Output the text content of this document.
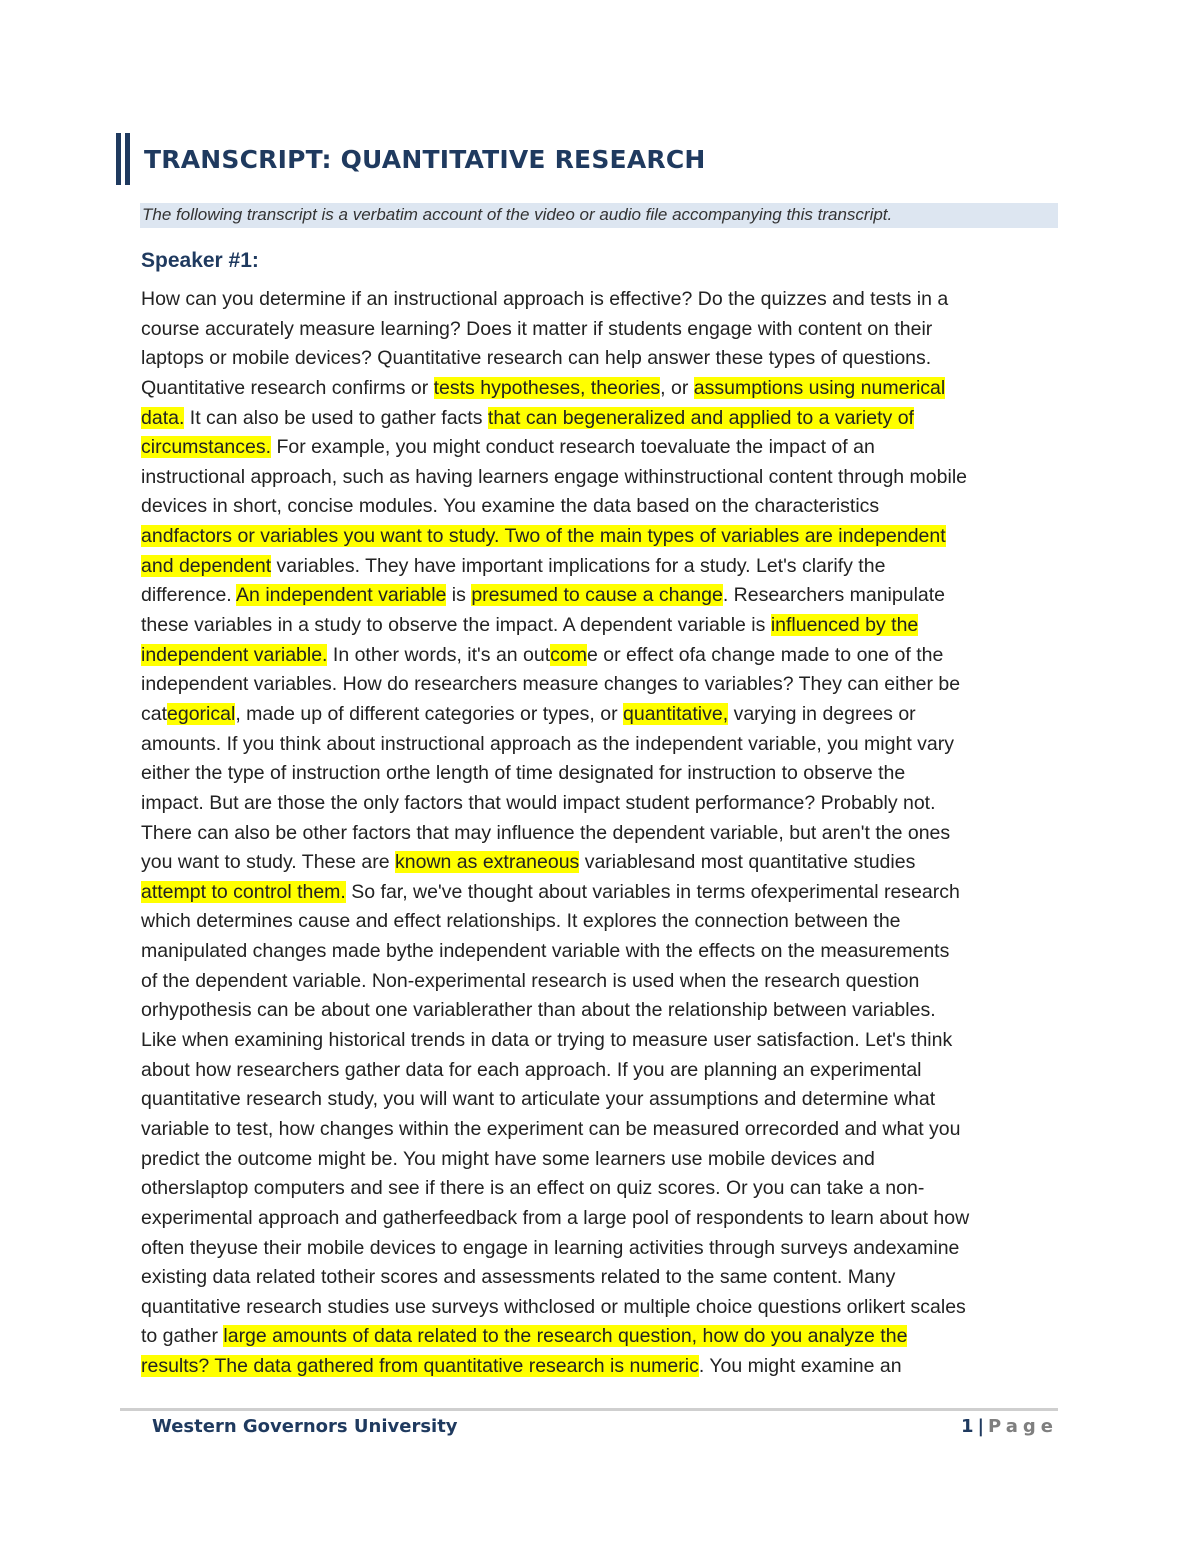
TRANSCRIPT: QUANTITATIVE RESEARCH
The following transcript is a verbatim account of the video or audio file accompanying this transcript.
Speaker #1:
How can you determine if an instructional approach is effective? Do the quizzes and tests in a
course accurately measure learning? Does it matter if students engage with content on their
laptops or mobile devices? Quantitative research can help answer these types of questions.
Quantitative research confirms or tests hypotheses, theories, or assumptions using numerical
data. It can also be used to gather facts that can begeneralized and applied to a variety of
circumstances. For example, you might conduct research toevaluate the impact of an
instructional approach, such as having learners engage withinstructional content through mobile
devices in short, concise modules. You examine the data based on the characteristics
andfactors or variables you want to study. Two of the main types of variables are independent
and dependent variables. They have important implications for a study. Let's clarify the
difference. An independent variable is presumed to cause a change. Researchers manipulate
these variables in a study to observe the impact. A dependent variable is influenced by the
independent variable. In other words, it's an outcome or effect ofa change made to one of the
independent variables. How do researchers measure changes to variables? They can either be
categorical, made up of different categories or types, or quantitative, varying in degrees or
amounts. If you think about instructional approach as the independent variable, you might vary
either the type of instruction orthe length of time designated for instruction to observe the
impact. But are those the only factors that would impact student performance? Probably not.
There can also be other factors that may influence the dependent variable, but aren't the ones
you want to study. These are known as extraneous variablesand most quantitative studies
attempt to control them. So far, we've thought about variables in terms ofexperimental research
which determines cause and effect relationships. It explores the connection between the
manipulated changes made bythe independent variable with the effects on the measurements
of the dependent variable. Non-experimental research is used when the research question
orhypothesis can be about one variablerather than about the relationship between variables.
Like when examining historical trends in data or trying to measure user satisfaction. Let's think
about how researchers gather data for each approach. If you are planning an experimental
quantitative research study, you will want to articulate your assumptions and determine what
variable to test, how changes within the experiment can be measured orrecorded and what you
predict the outcome might be. You might have some learners use mobile devices and
otherslaptop computers and see if there is an effect on quiz scores. Or you can take a non-
experimental approach and gatherfeedback from a large pool of respondents to learn about how
often theyuse their mobile devices to engage in learning activities through surveys andexamine
existing data related totheir scores and assessments related to the same content. Many
quantitative research studies use surveys withclosed or multiple choice questions orlikert scales
to gather large amounts of data related to the research question, how do you analyze the
results? The data gathered from quantitative research is numeric. You might examine an
Western Governors University	1 | Page
